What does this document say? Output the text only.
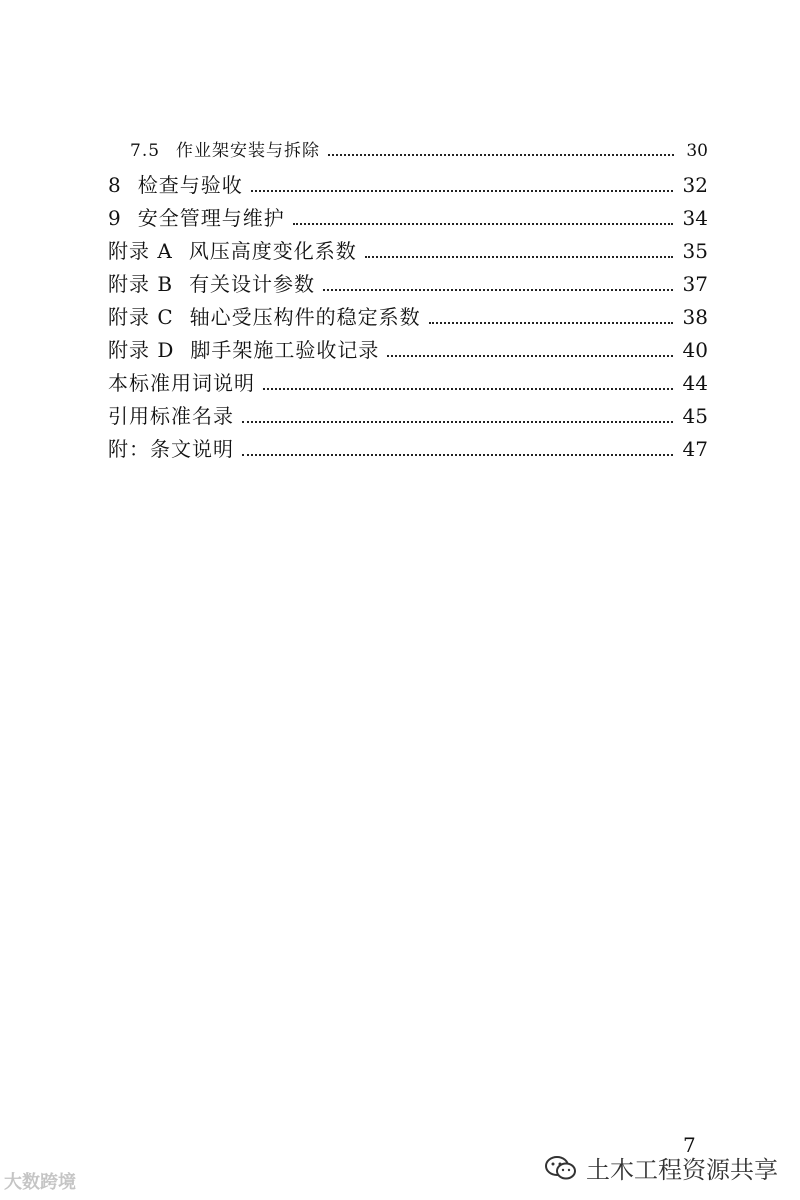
7.5 作业架安装与拆除	30
8 检查与验收	32
9 安全管理与维护	34
附录 A 风压高度变化系数	35
附录 B 有关设计参数	37
附录 C 轴心受压构件的稳定系数	38
附录 D 脚手架施工验收记录	40
本标准用词说明	44
引用标准名录	45
附：条文说明	47
7
大数跨境	土木工程资源共享
